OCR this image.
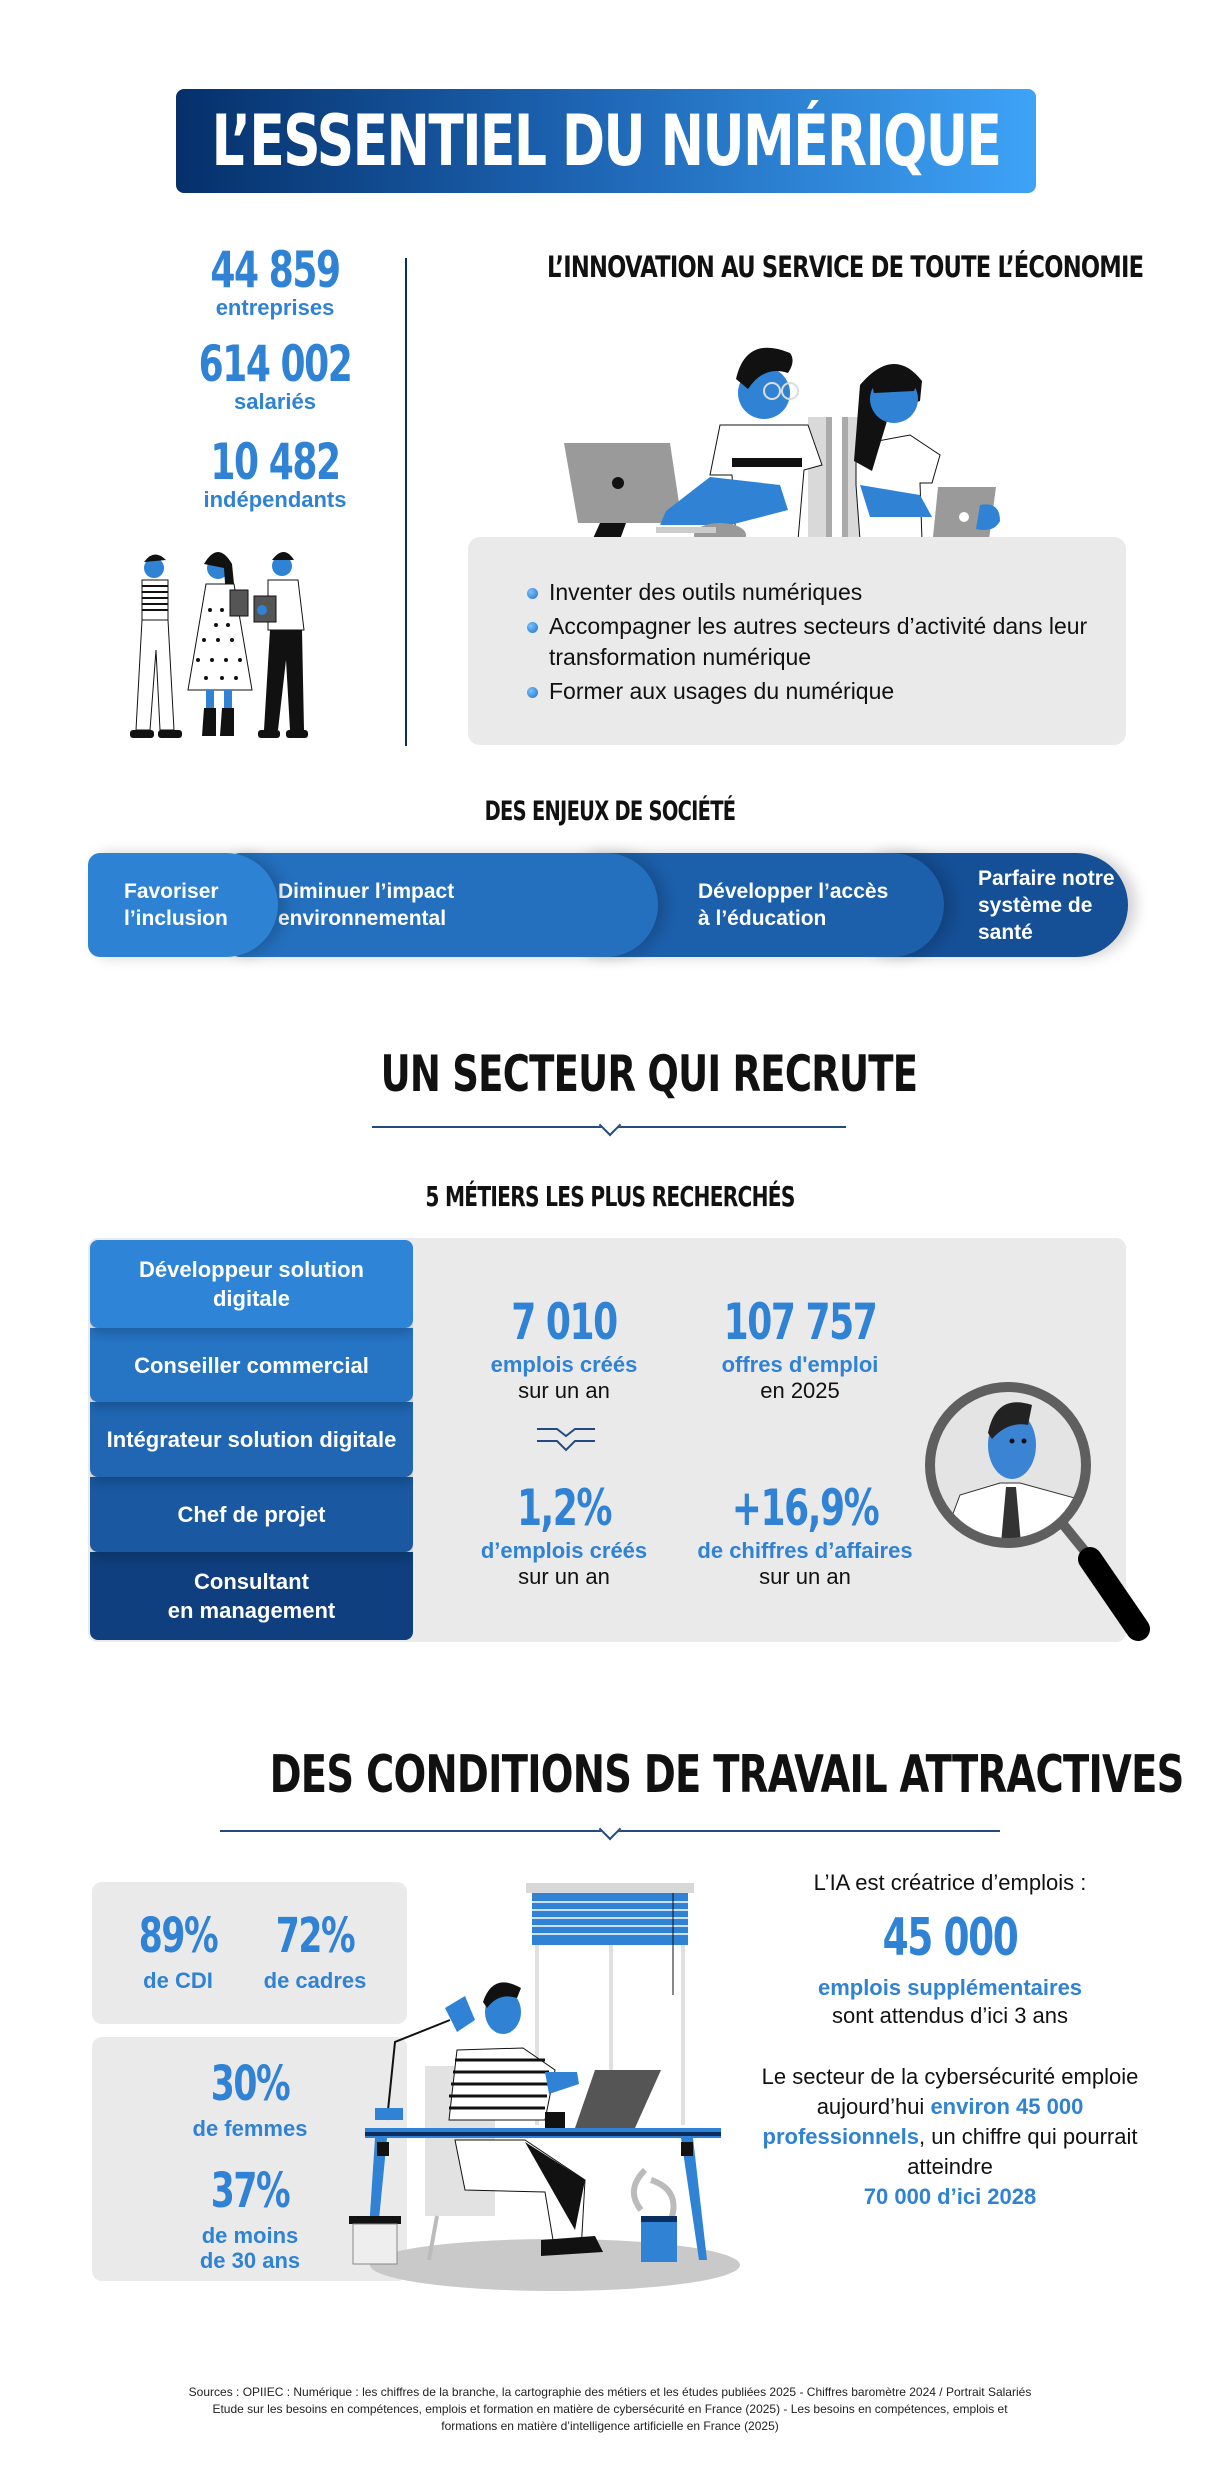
L’ESSENTIEL DU NUMÉRIQUE
44 859
entreprises
614 002
salariés
10 482
indépendants
L’INNOVATION AU SERVICE DE TOUTE L’ÉCONOMIE
Inventer des outils numériques
Accompagner les autres secteurs d’activité dans leur transformation numérique
Former aux usages du numérique
DES ENJEUX DE SOCIÉTÉ
Parfaire notre
système de santé
Développer l’accès
à l’éducation
Diminuer l’impact
environnemental
Favoriser
l’inclusion
UN SECTEUR QUI RECRUTE
5 MÉTIERS LES PLUS RECHERCHÉS
Développeur solution
digitale
Conseiller commercial
Intégrateur solution digitale
Chef de projet
Consultant
en management
7 010
emplois créés
sur un an
107 757
offres d'emploi
en 2025
1,2%
d’emplois créés
sur un an
+16,9%
de chiffres d’affaires
sur un an
DES CONDITIONS DE TRAVAIL ATTRACTIVES
89%
de CDI
72%
de cadres
30%
de femmes
37%
de moins
de 30 ans
L’IA est créatrice d’emplois :
45 000
emplois supplémentaires
sont attendus d’ici 3 ans
Le secteur de la cybersécurité emploie aujourd’hui environ 45 000 professionnels, un chiffre qui pourrait atteindre
70 000 d’ici 2028
Sources : OPIIEC : Numérique : les chiffres de la branche, la cartographie des métiers et les études publiées 2025 - Chiffres baromètre 2024 / Portrait Salariés
Etude sur les besoins en compétences, emplois et formation en matière de cybersécurité en France (2025) - Les besoins en compétences, emplois et
formations en matière d’intelligence artificielle en France (2025)
